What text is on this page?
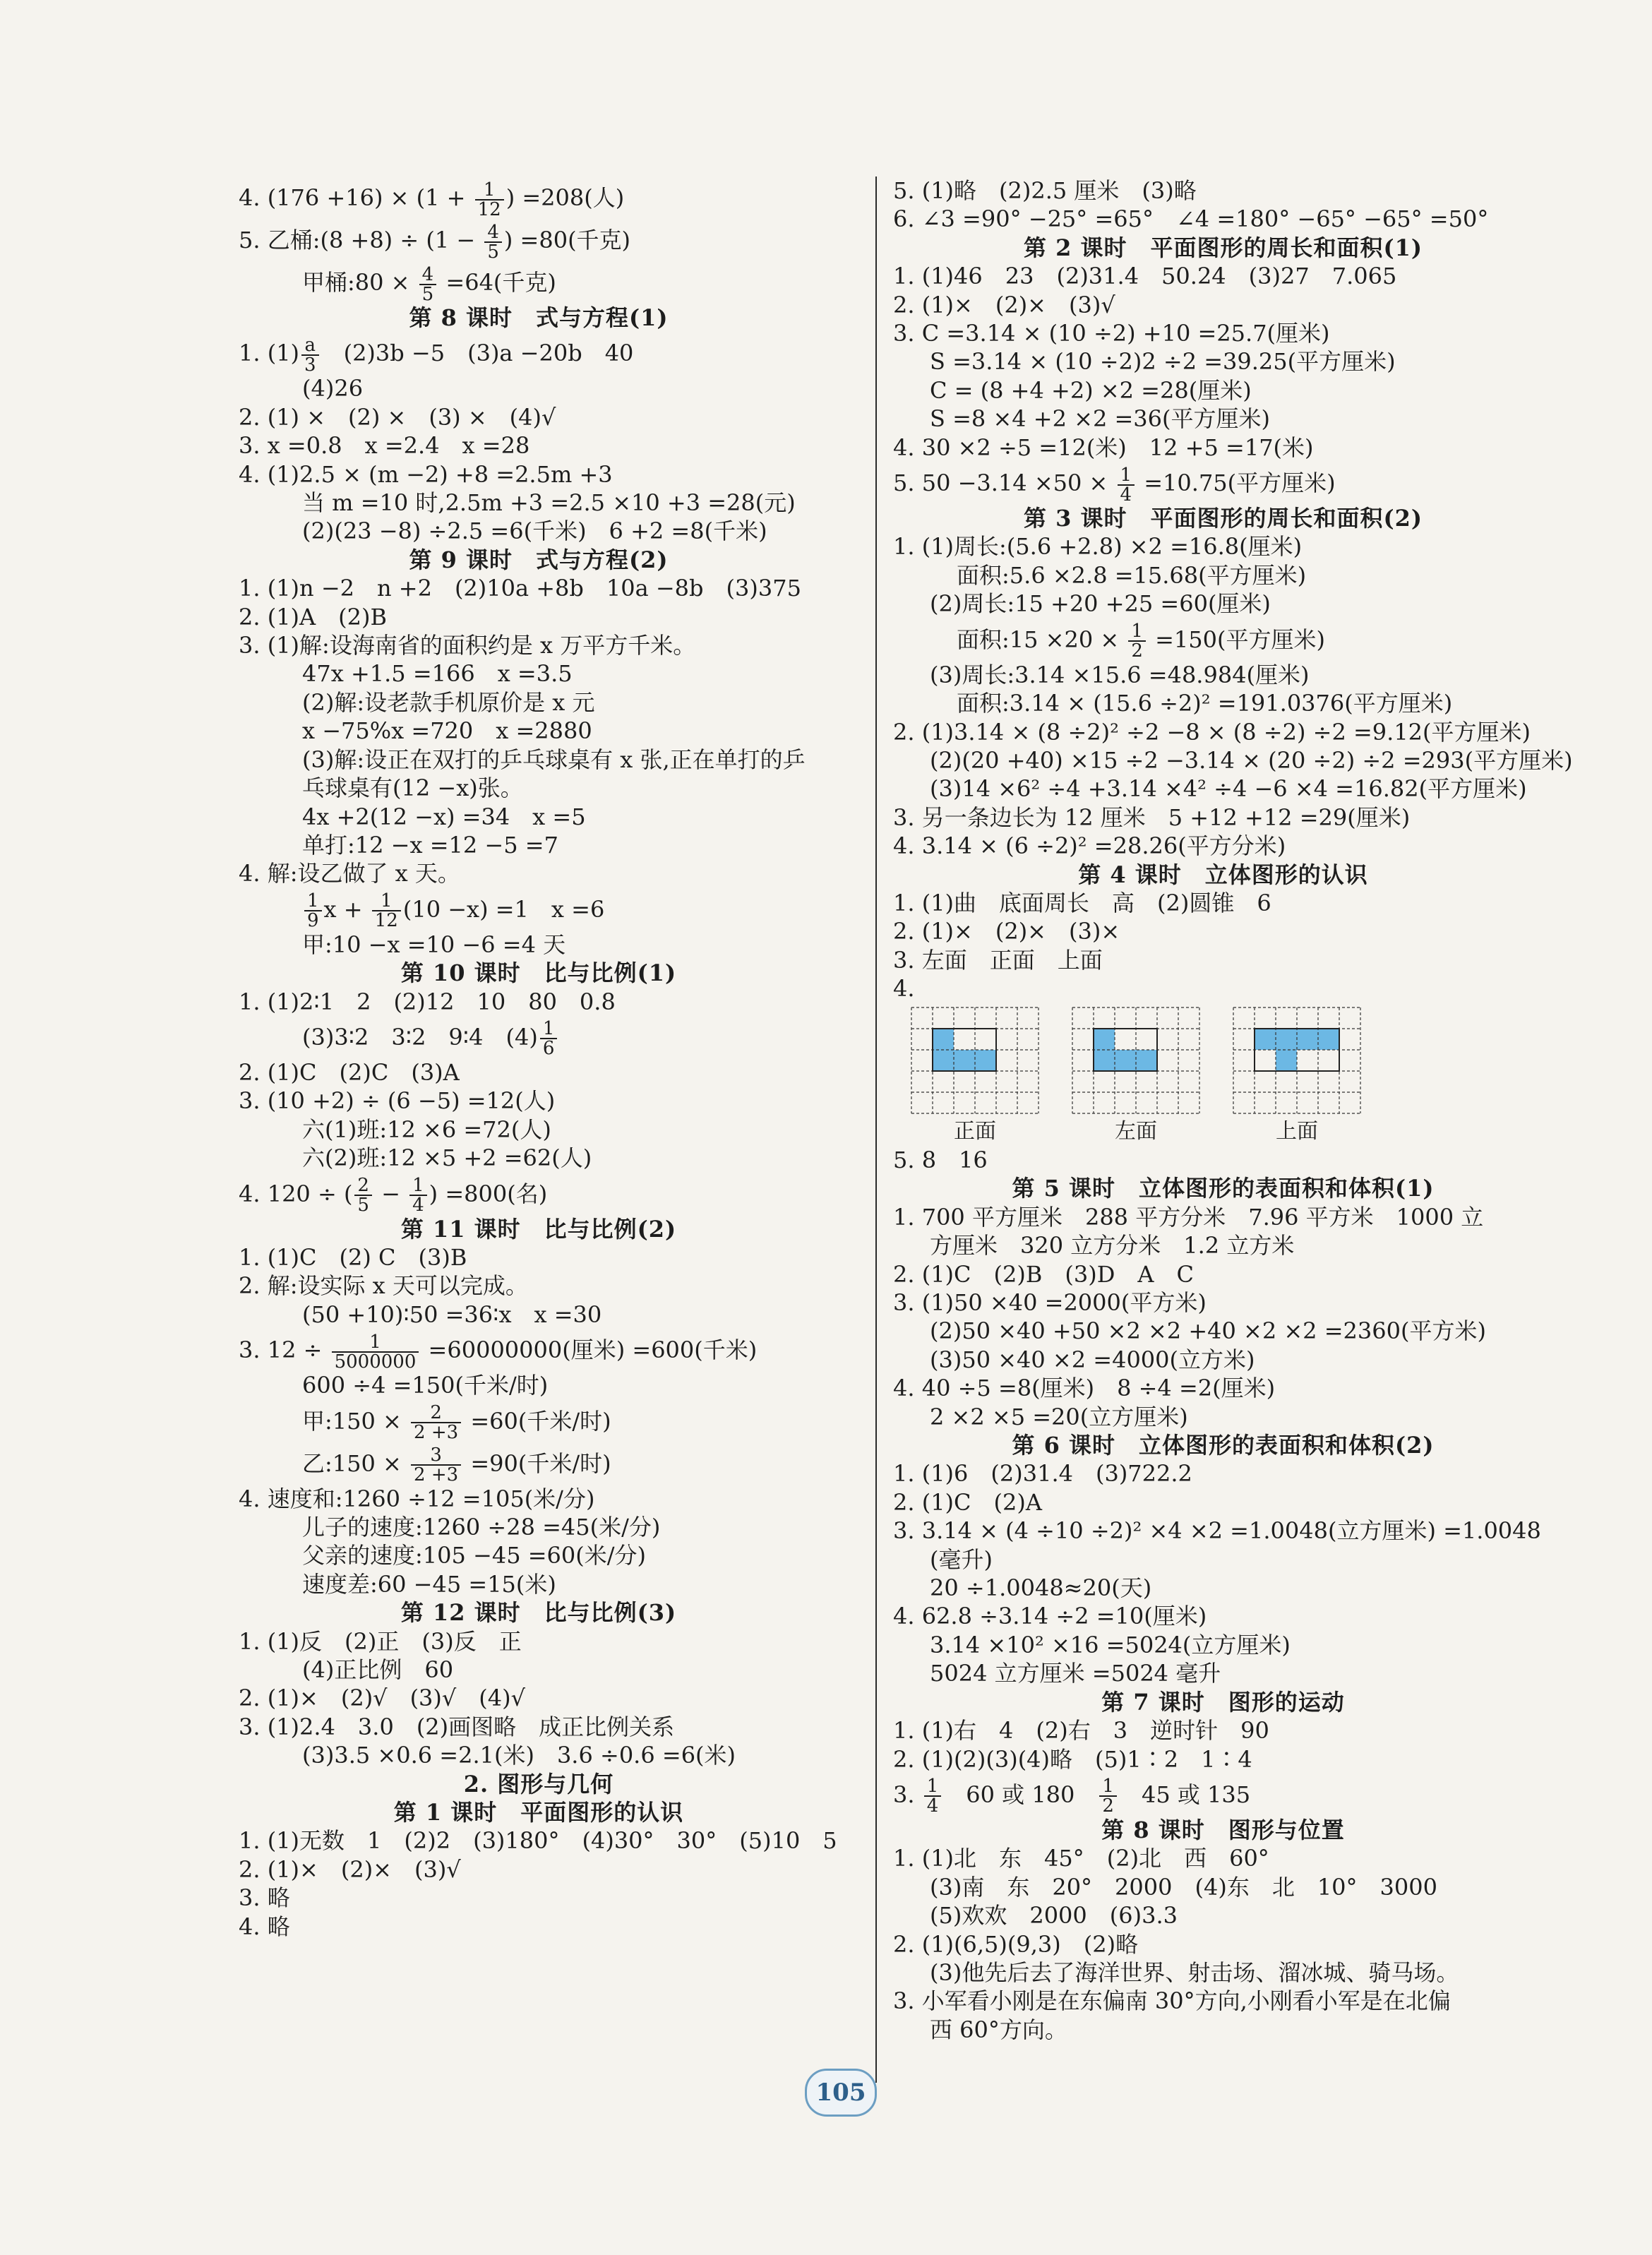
4. $(176 +16) \times (1 + \frac{1}{12}$ ) =208(人)
5. 乙桶:(8 $+8) \div (1 - \frac{4}{5}$ ) =80(千克)
甲桶:80 × $\frac{4}{5} =64$(千克)
第 8 课时　式与方程(1)
1. $(1) \frac{a}{3}$ 　(2)3b −5　(3)a −20b　40
(4)26
2. (1) ×　(2) ×　(3) ×　(4)√
3. x =0.8　x =2.4　x =28
4. (1)2.5 × (m −2) +8 =2.5m +3
当 m =10 时,2.5m +3 =2.5 ×10 +3 =28(元)
(2)(23 −8) ÷2.5 =6(千米)　6 +2 =8(千米)
第 9 课时　式与方程(2)
1. (1)n −2　n +2　(2)10a +8b　10a −8b　(3)375
2. (1)A　(2)B
3. (1)解:设海南省的面积约是 x 万平方千米。
47x +1.5 =166　x =3.5
(2)解:设老款手机原价是 x 元
x −75%x =720　x =2880
(3)解:设正在双打的乒乓球桌有 x 张,正在单打的乒
乓球桌有(12 −x)张。
4x +2(12 −x) =34　x =5
单打:12 −x =12 −5 =7
4. 解:设乙做了 x 天。
$\frac{1}{9}$ $x + \frac{1}{12} (10 -x) =1$　x =6
甲:10 −x =10 −6 =4 天
第 10 课时　比与比例(1)
1. (1)2∶1　2　(2)12　10　80　0.8
(3)3∶2　3∶2　9∶4　$(4) \frac{1}{6}$
2. (1)C　(2)C　(3)A
3. (10 +2) ÷ (6 −5) =12(人)
六(1)班:12 ×6 =72(人)
六(2)班:12 ×5 +2 =62(人)
4. 120 ÷ ( $\frac{2}{5} - \frac{1}{4}$ ) =800(名)
第 11 课时　比与比例(2)
1. (1)C　(2) C　(3)B
2. 解:设实际 x 天可以完成。
(50 +10)∶50 =36∶x　x =30
3. $12 \div \frac{1}{5000000} =60000000$(厘米) =600(千米)
600 ÷4 =150(千米/时)
甲:150 × $\frac{2}{2 +3} =60$(千米/时)
乙:150 × $\frac{3}{2 +3} =90$(千米/时)
4. 速度和:1260 ÷12 =105(米/分)
儿子的速度:1260 ÷28 =45(米/分)
父亲的速度:105 −45 =60(米/分)
速度差:60 −45 =15(米)
第 12 课时　比与比例(3)
1. (1)反　(2)正　(3)反　正
(4)正比例　60
2. (1)×　(2)√　(3)√　(4)√
3. (1)2.4　3.0　(2)画图略　成正比例关系
(3)3.5 ×0.6 =2.1(米)　3.6 ÷0.6 =6(米)
2. 图形与几何
第 1 课时　平面图形的认识
1. (1)无数　1　(2)2　(3)180°　(4)30°　30°　(5)10　5
2. (1)×　(2)×　(3)√
3. 略
4. 略
5. (1)略　(2)2.5 厘米　(3)略
6. ∠3 =90° −25° =65°　∠4 =180° −65° −65° =50°
第 2 课时　平面图形的周长和面积(1)
1. (1)46　23　(2)31.4　50.24　(3)27　7.065
2. (1)×　(2)×　(3)√
3. C =3.14 × (10 ÷2) +10 =25.7(厘米)
S =3.14 × (10 ÷2)2 ÷2 =39.25(平方厘米)
C = (8 +4 +2) ×2 =28(厘米)
S =8 ×4 +2 ×2 =36(平方厘米)
4. 30 ×2 ÷5 =12(米)　12 +5 =17(米)
5. $50 -3.14 \times 50 \times \frac{1}{4} =10.75$(平方厘米)
第 3 课时　平面图形的周长和面积(2)
1. (1)周长:(5.6 +2.8) ×2 =16.8(厘米)
面积:5.6 ×2.8 =15.68(平方厘米)
(2)周长:15 +20 +25 =60(厘米)
面积:15 $\times 20 \times \frac{1}{2} =150$(平方厘米)
(3)周长:3.14 ×15.6 =48.984(厘米)
面积:3.14 × (15.6 ÷2)² =191.0376(平方厘米)
2. (1)3.14 × (8 ÷2)² ÷2 −8 × (8 ÷2) ÷2 =9.12(平方厘米)
(2)(20 +40) ×15 ÷2 −3.14 × (20 ÷2) ÷2 =293(平方厘米)
(3)14 ×6² ÷4 +3.14 ×4² ÷4 −6 ×4 =16.82(平方厘米)
3. 另一条边长为 12 厘米　5 +12 +12 =29(厘米)
4. 3.14 × (6 ÷2)² =28.26(平方分米)
第 4 课时　立体图形的认识
1. (1)曲　底面周长　高　(2)圆锥　6
2. (1)×　(2)×　(3)×
3. 左面　正面　上面
4.
正面	左面	上面
5. 8　16
第 5 课时　立体图形的表面积和体积(1)
1. 700 平方厘米　288 平方分米　7.96 平方米　1000 立
方厘米　320 立方分米　1.2 立方米
2. (1)C　(2)B　(3)D　A　C
3. (1)50 ×40 =2000(平方米)
(2)50 ×40 +50 ×2 ×2 +40 ×2 ×2 =2360(平方米)
(3)50 ×40 ×2 =4000(立方米)
4. 40 ÷5 =8(厘米)　8 ÷4 =2(厘米)
2 ×2 ×5 =20(立方厘米)
第 6 课时　立体图形的表面积和体积(2)
1. (1)6　(2)31.4　(3)722.2
2. (1)C　(2)A
3. 3.14 × (4 ÷10 ÷2)² ×4 ×2 =1.0048(立方厘米) =1.0048
(毫升)
20 ÷1.0048≈20(天)
4. 62.8 ÷3.14 ÷2 =10(厘米)
3.14 ×10² ×16 =5024(立方厘米)
5024 立方厘米 =5024 毫升
第 7 课时　图形的运动
1. (1)右　4　(2)右　3　逆时针　90
2. (1)(2)(3)(4)略　(5)1∶2　1∶4
3. $\frac{1}{4}$ 　60 或 180　 $\frac{1}{2}$ 　45 或 135
第 8 课时　图形与位置
1. (1)北　东　45°　(2)北　西　60°
(3)南　东　20°　2000　(4)东　北　10°　3000
(5)欢欢　2000　(6)3.3
2. (1)(6,5)(9,3)　(2)略
(3)他先后去了海洋世界、射击场、溜冰城、骑马场。
3. 小军看小刚是在东偏南 30°方向,小刚看小军是在北偏
西 60°方向。
105
